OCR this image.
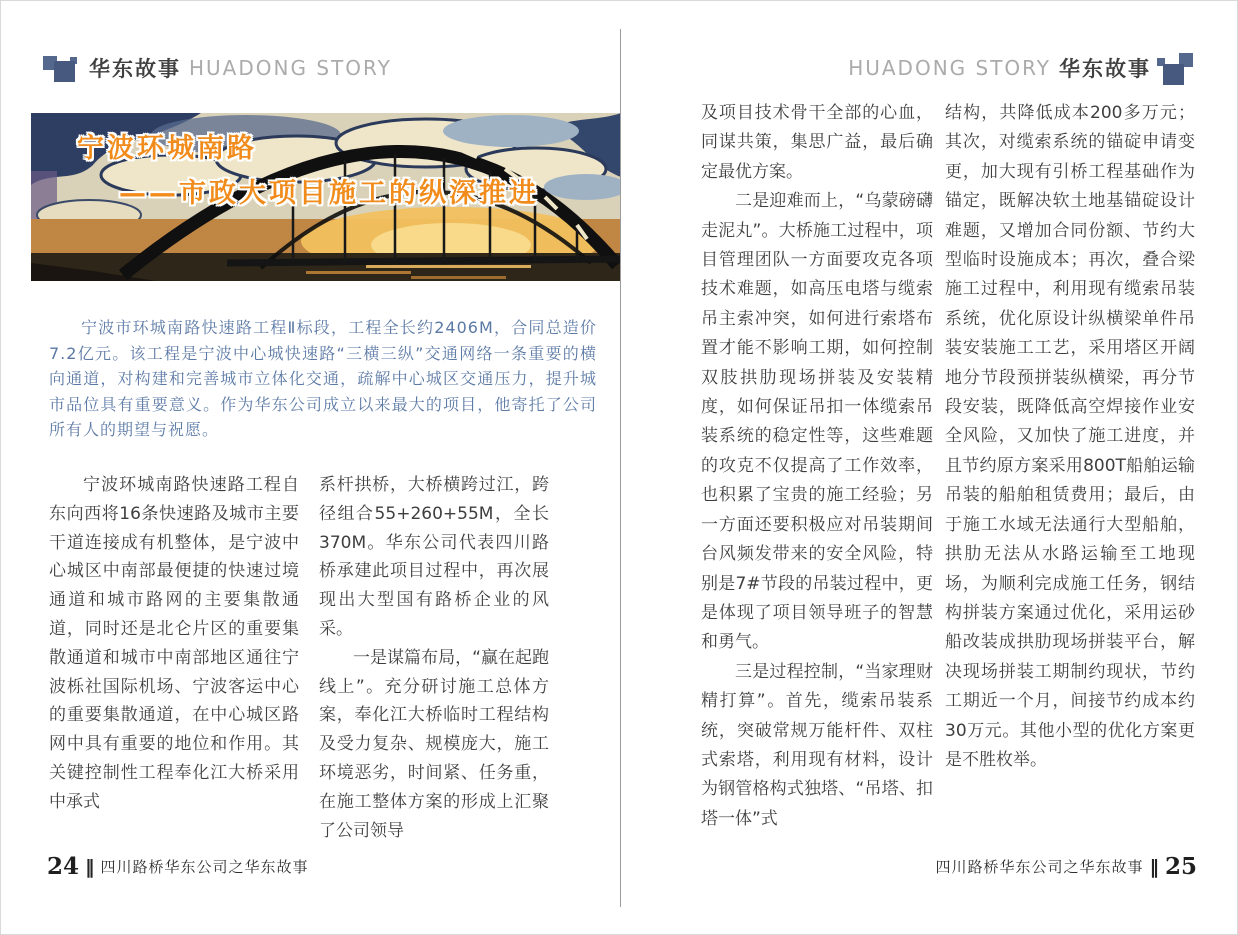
华东故事 HUADONG STORY	HUADONG STORY 华东故事
宁波环城南路
——市政大项目施工的纵深推进

宁波市环城南路快速路工程Ⅱ标段，工程全长约2406M，合同总造价7.2亿元。该工程是宁波中心城快速路“三横三纵”交通网络一条重要的横向通道，对构建和完善城市立体化交通，疏解中心城区交通压力，提升城市品位具有重要意义。作为华东公司成立以来最大的项目，他寄托了公司所有人的期望与祝愿。

宁波环城南路快速路工程自东向西将16条快速路及城市主要干道连接成有机整体，是宁波中心城区中南部最便捷的快速过境通道和城市路网的主要集散通道，同时还是北仑片区的重要集散通道和城市中南部地区通往宁波栎社国际机场、宁波客运中心的重要集散通道，在中心城区路网中具有重要的地位和作用。其关键控制性工程奉化江大桥采用中承式

系杆拱桥，大桥横跨过江，跨径组合55+260+55M，全长370M。华东公司代表四川路桥承建此项目过程中，再次展现出大型国有路桥企业的风采。

一是谋篇布局，“赢在起跑线上”。充分研讨施工总体方案，奉化江大桥临时工程结构及受力复杂、规模庞大，施工环境恶劣，时间紧、任务重，在施工整体方案的形成上汇聚了公司领导

及项目技术骨干全部的心血，同谋共策，集思广益，最后确定最优方案。

二是迎难而上，“乌蒙磅礴走泥丸”。大桥施工过程中，项目管理团队一方面要攻克各项技术难题，如高压电塔与缆索吊主索冲突，如何进行索塔布置才能不影响工期，如何控制双肢拱肋现场拼装及安装精度，如何保证吊扣一体缆索吊装系统的稳定性等，这些难题的攻克不仅提高了工作效率，也积累了宝贵的施工经验；另一方面还要积极应对吊装期间台风频发带来的安全风险，特别是7#节段的吊装过程中，更是体现了项目领导班子的智慧和勇气。

三是过程控制，“当家理财精打算”。首先，缆索吊装系统，突破常规万能杆件、双柱式索塔，利用现有材料，设计为钢管格构式独塔、“吊塔、扣塔一体”式

结构，共降低成本200多万元；其次，对缆索系统的锚碇申请变更，加大现有引桥工程基础作为锚定，既解决软土地基锚碇设计难题，又增加合同份额、节约大型临时设施成本；再次，叠合梁施工过程中，利用现有缆索吊装系统，优化原设计纵横梁单件吊装安装施工工艺，采用塔区开阔地分节段预拼装纵横梁，再分节段安装，既降低高空焊接作业安全风险，又加快了施工进度，并且节约原方案采用800T船舶运输吊装的船舶租赁费用；最后，由于施工水域无法通行大型船舶，拱肋无法从水路运输至工地现场，为顺利完成施工任务，钢结构拼装方案通过优化，采用运砂船改装成拱肋现场拼装平台，解决现场拼装工期制约现状，节约工期近一个月，间接节约成本约30万元。其他小型的优化方案更是不胜枚举。

24 ‖ 四川路桥华东公司之华东故事	四川路桥华东公司之华东故事 ‖ 25
